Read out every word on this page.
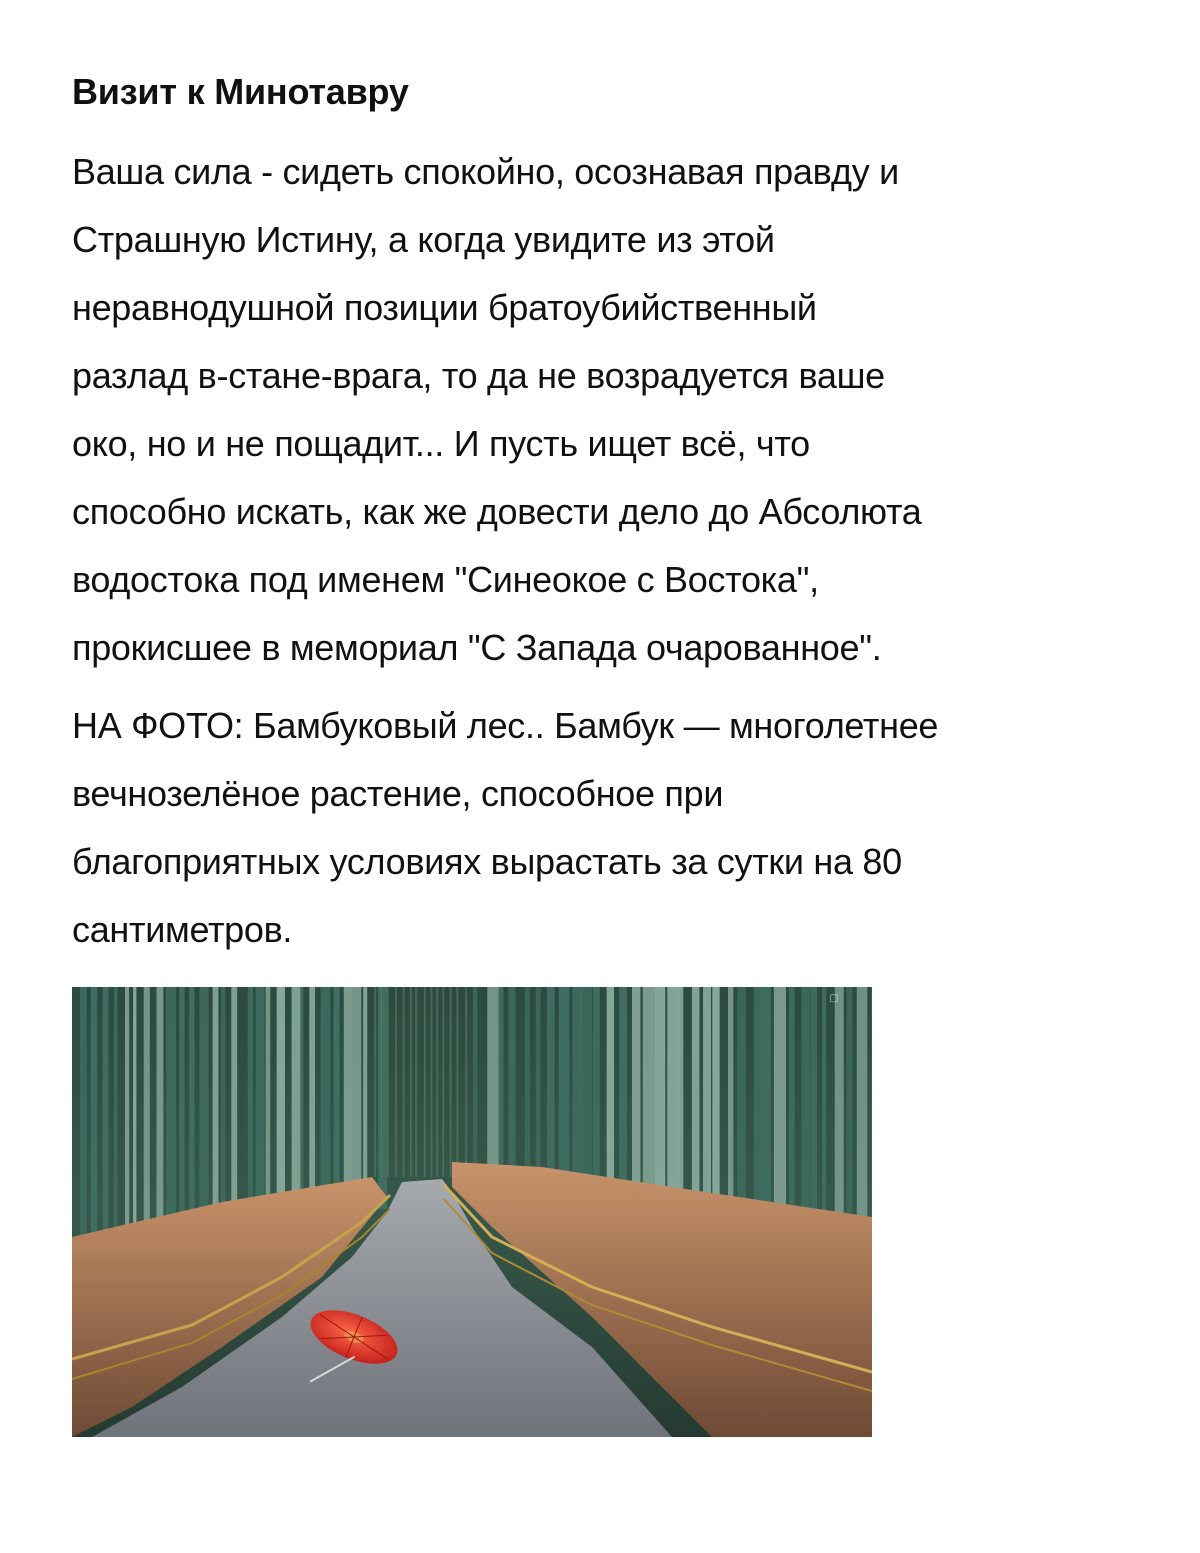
Визит к Минотавру

Ваша сила - сидеть спокойно, осознавая правду и
Страшную Истину, а когда увидите из этой
неравнодушной позиции братоубийственный
разлад в-стане-врага, то да не возрадуется ваше
око, но и не пощадит... И пусть ищет всё, что
способно искать, как же довести дело до Абсолюта
водостока под именем "Синеокое с Востока",
прокисшее в мемориал "С Запада очарованное".

НА ФОТО: Бамбуковый лес.. Бамбук — многолетнее
вечнозелёное растение, способное при
благоприятных условиях вырастать за сутки на 80
сантиметров.

▢
